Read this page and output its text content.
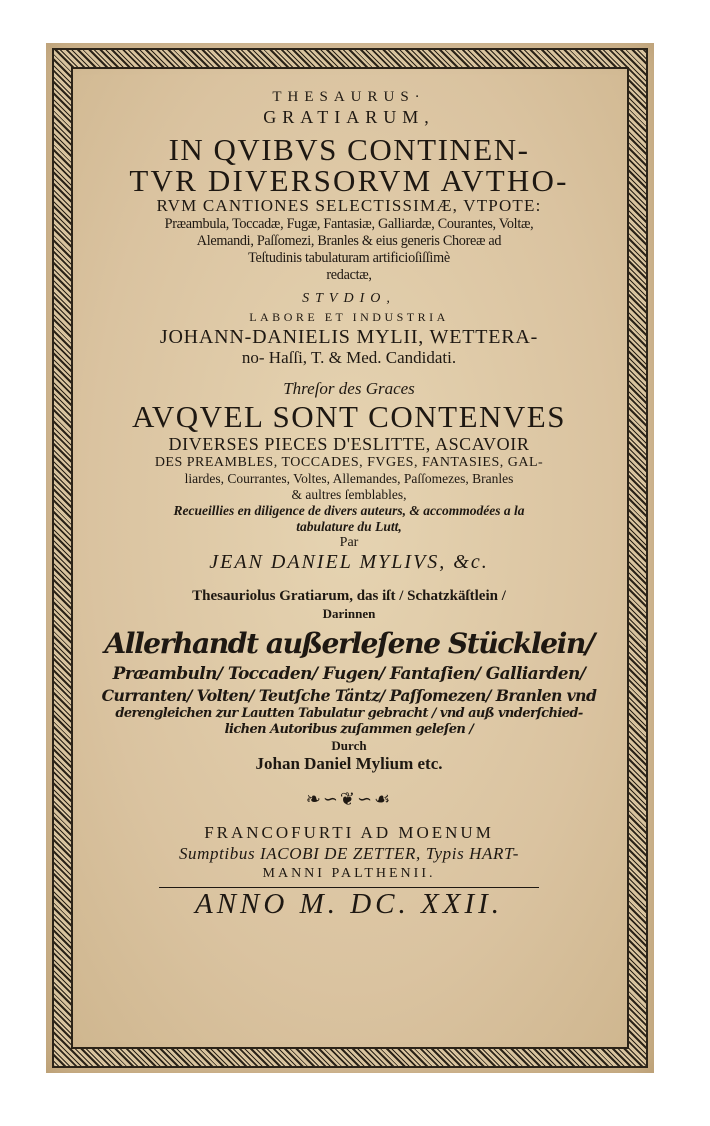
THESAURUS·

GRATIARUM,

IN QVIBVS CONTINEN-

TVR DIVERSORVM AVTHO-

RVM CANTIONES SELECTISSIMÆ, VTPOTE:

Præambula, Toccadæ, Fugæ, Fantasiæ, Galliardæ, Courantes, Voltæ,

Alemandi, Paſſomezi, Branles & eius generis Choreæ ad

Teſtudinis tabulaturam artificioſiſſimè

redactæ,

STVDIO,

LABORE ET INDUSTRIA

JOHANN-DANIELIS MYLII, WETTERA-

no- Haſſi, T. & Med. Candidati.

Threſor des Graces

AVQVEL SONT CONTENVES

DIVERSES PIECES D'ESLITTE, ASCAVOIR

DES PREAMBLES, TOCCADES, FVGES, FANTASIES, GAL-

liardes, Courrantes, Voltes, Allemandes, Paſſomezes, Branles

& aultres ſemblables,

Recueillies en diligence de divers auteurs, & accommodées a la

tabulature du Lutt,

Par

JEAN DANIEL MYLIVS, &c.

Thesauriolus Gratiarum, das iſt / Schatzkäſtlein /

Darinnen

Allerhandt außerleſene Stücklein/

Præambuln/ Toccaden/ Fugen/ Fantaſien/ Galliarden/

Curranten/ Volten/ Teutſche Täntz/ Paſſomezen/ Branlen vnd

derengleichen zur Lautten Tabulatur gebracht / vnd auß vnderſchied-

lichen Autoribus zuſammen geleſen /

Durch

Johan Daniel Mylium etc.

❧∽❦∽☙

FRANCOFURTI AD MOENUM

Sumptibus IACOBI DE ZETTER, Typis HART-

MANNI PALTHENII.

ANNO M. DC. XXII.
